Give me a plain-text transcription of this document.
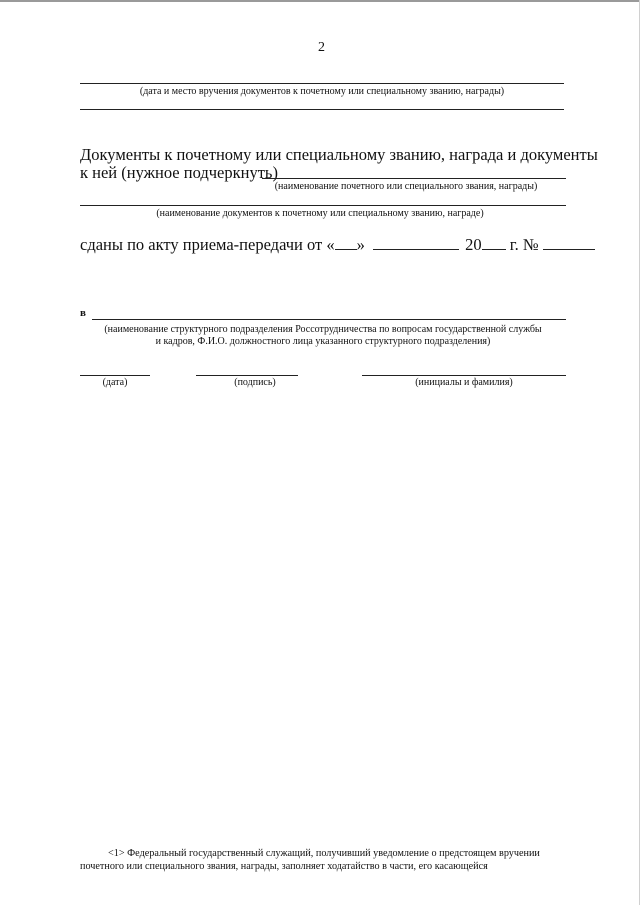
2
(дата и место вручения документов к почетному или специальному званию, награды)
Документы к почетному или специальному званию, награда и документы
к ней (нужное подчеркнуть)
(наименование почетного или специального звания, награды)
(наименование документов к почетному или специальному званию, награде)
сданы по акту приема-передачи от « »	20 г. №
в
(наименование структурного подразделения Россотрудничества по вопросам государственной службы
и кадров, Ф.И.О. должностного лица указанного структурного подразделения)
(дата)	(подпись)	(инициалы и фамилия)
<1> Федеральный государственный служащий, получивший уведомление о предстоящем вручении
почетного или специального звания, награды, заполняет ходатайство в части, его касающейся
